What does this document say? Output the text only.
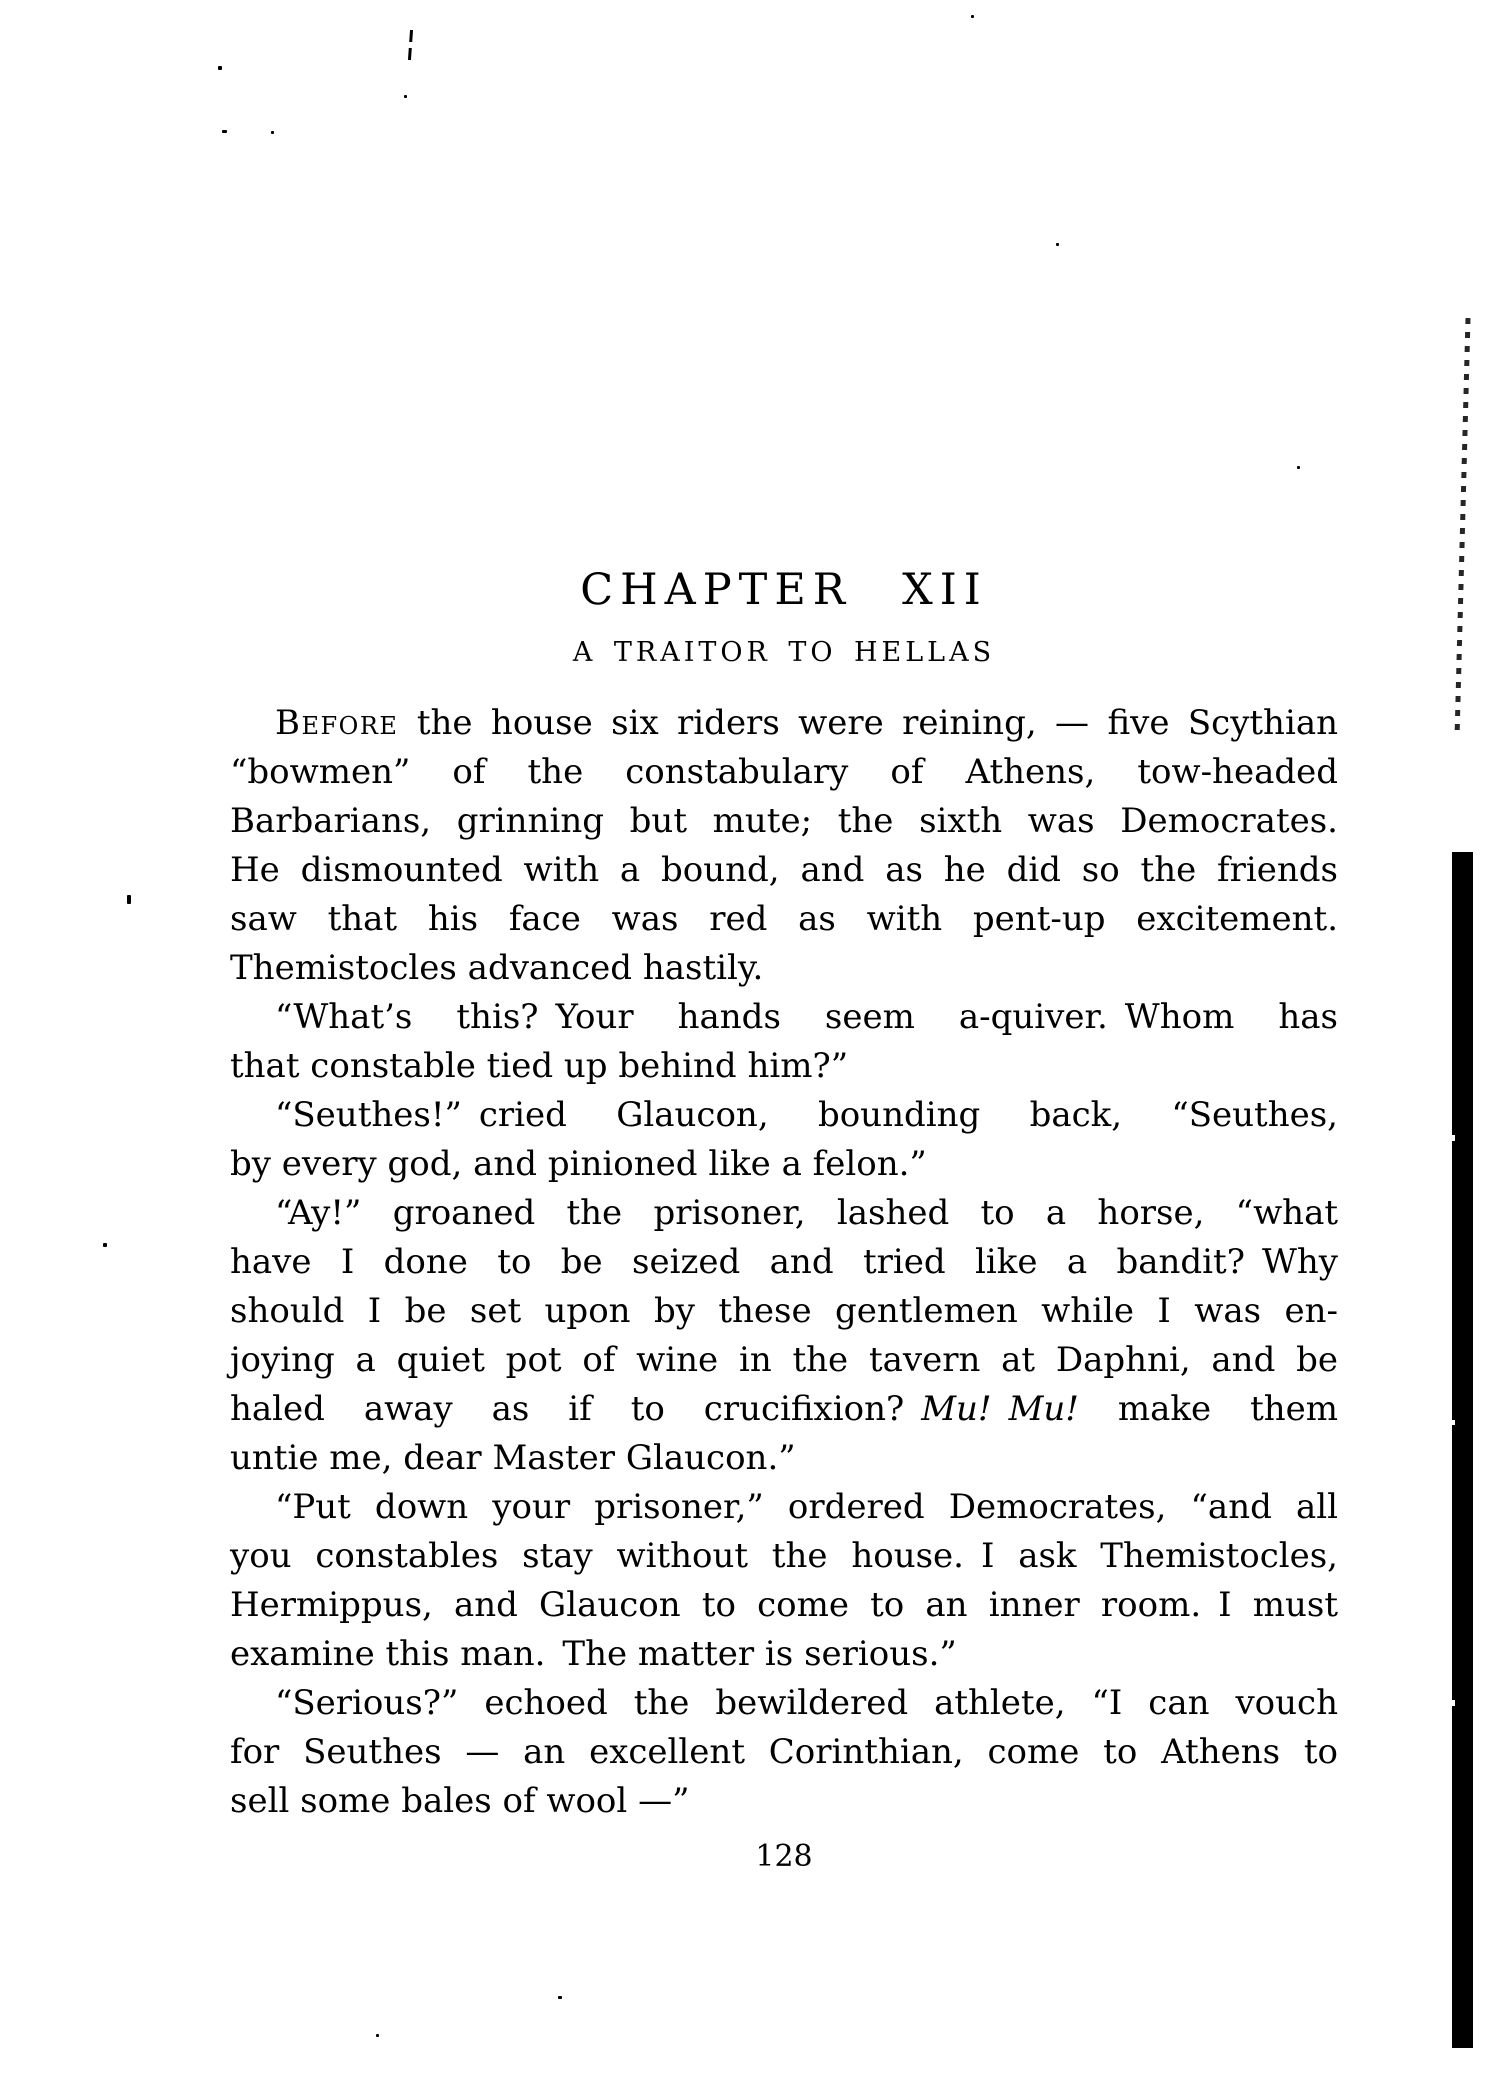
CHAPTER XII
A TRAITOR TO HELLAS
Before the house six riders were reining, — five Scythian
“bowmen” of the constabulary of Athens, tow-headed
Barbarians, grinning but mute; the sixth was Democrates.
He dismounted with a bound, and as he did so the friends
saw that his face was red as with pent-up excitement.
Themistocles advanced hastily.
“What’s this? Your hands seem a-quiver. Whom has
that constable tied up behind him?”
“Seuthes!” cried Glaucon, bounding back, “Seuthes,
by every god, and pinioned like a felon.”
“Ay!” groaned the prisoner, lashed to a horse, “what
have I done to be seized and tried like a bandit? Why
should I be set upon by these gentlemen while I was en-
joying a quiet pot of wine in the tavern at Daphni, and be
haled away as if to crucifixion? Mu! Mu! make them
untie me, dear Master Glaucon.”
“Put down your prisoner,” ordered Democrates, “and all
you constables stay without the house. I ask Themistocles,
Hermippus, and Glaucon to come to an inner room. I must
examine this man. The matter is serious.”
“Serious?” echoed the bewildered athlete, “I can vouch
for Seuthes — an excellent Corinthian, come to Athens to
sell some bales of wool —”
128
